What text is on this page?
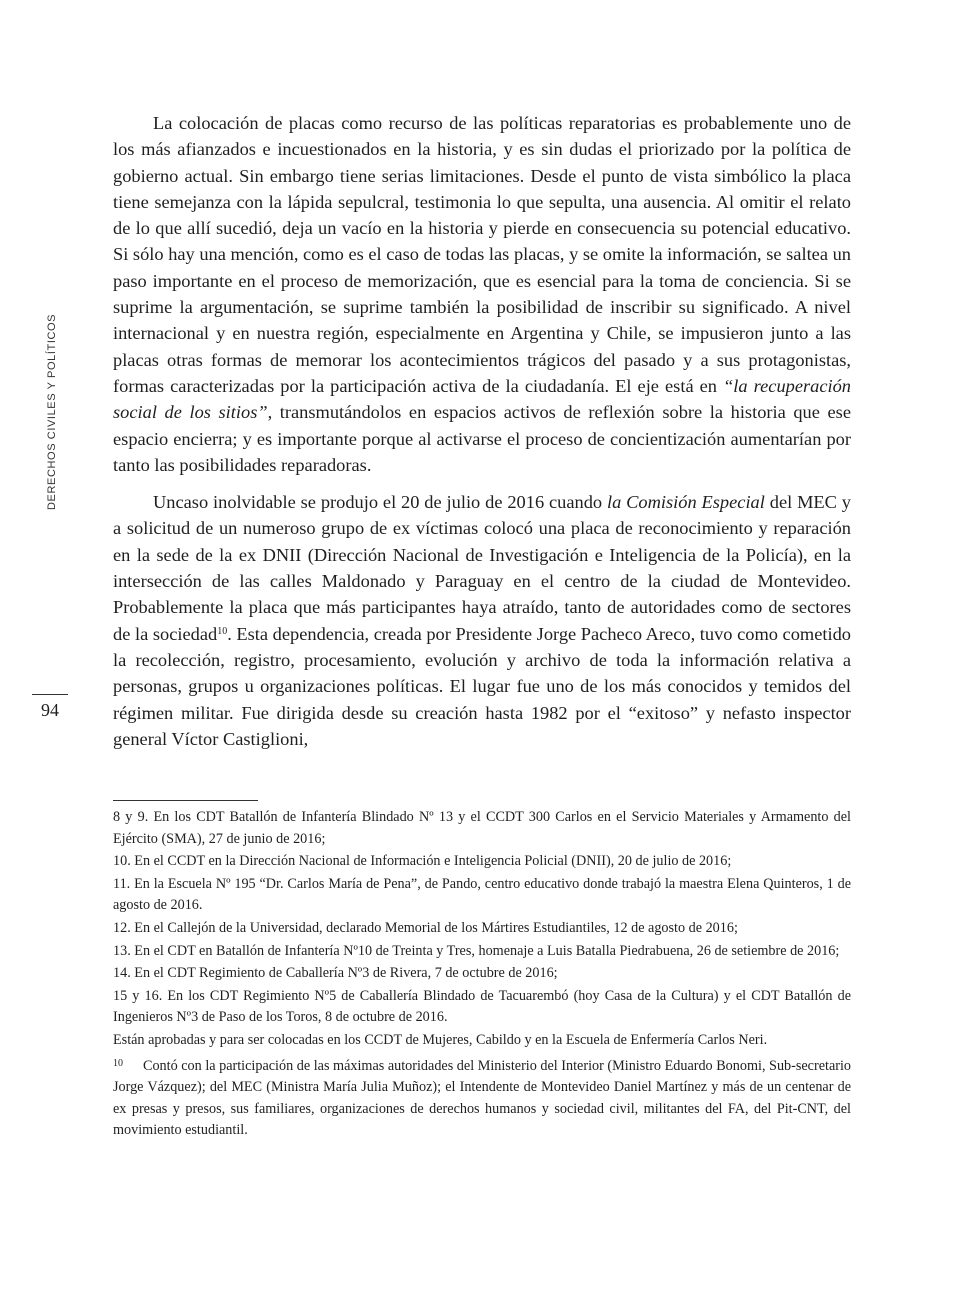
DERECHOS CIVILES Y POLÍTICOS
94

La colocación de placas como recurso de las políticas reparatorias es probablemente uno de los más afianzados e incuestionados en la historia, y es sin dudas el priorizado por la política de gobierno actual. Sin embargo tiene serias limitaciones. Desde el punto de vista simbólico la placa tiene semejanza con la lápida sepulcral, testimonia lo que sepulta, una ausencia. Al omitir el relato de lo que allí sucedió, deja un vacío en la historia y pierde en consecuencia su potencial educativo. Si sólo hay una mención, como es el caso de todas las placas, y se omite la información, se saltea un paso importante en el proceso de memorización, que es esencial para la toma de conciencia. Si se suprime la argumentación, se suprime también la posibilidad de inscribir su significado. A nivel internacional y en nuestra región, especialmente en Argentina y Chile, se impusieron junto a las placas otras formas de memorar los acontecimientos trágicos del pasado y a sus protagonistas, formas caracterizadas por la participación activa de la ciudadanía. El eje está en “la recuperación social de los sitios”, transmutándolos en espacios activos de reflexión sobre la historia que ese espacio encierra; y es importante porque al activarse el proceso de concientización aumentarían por tanto las posibilidades reparadoras.

Uncaso inolvidable se produjo el 20 de julio de 2016 cuando la Comisión Especial del MEC y a solicitud de un numeroso grupo de ex víctimas colocó una placa de reconocimiento y reparación en la sede de la ex DNII (Dirección Nacional de Investigación e Inteligencia de la Policía), en la intersección de las calles Maldonado y Paraguay en el centro de la ciudad de Montevideo. Probablemente la placa que más participantes haya atraído, tanto de autoridades como de sectores de la sociedad$^{10}$. Esta dependencia, creada por Presidente Jorge Pacheco Areco, tuvo como cometido la recolección, registro, procesamiento, evolución y archivo de toda la información relativa a personas, grupos u organizaciones políticas. El lugar fue uno de los más conocidos y temidos del régimen militar. Fue dirigida desde su creación hasta 1982 por el “exitoso” y nefasto inspector general Víctor Castiglioni,

8 y 9. En los CDT Batallón de Infantería Blindado Nº 13 y el CCDT 300 Carlos en el Servicio Materiales y Armamento del Ejército (SMA), 27 de junio de 2016;

10. En el CCDT en la Dirección Nacional de Información e Inteligencia Policial (DNII), 20 de julio de 2016;

11. En la Escuela Nº 195 “Dr. Carlos María de Pena”, de Pando, centro educativo donde trabajó la maestra Elena Quinteros, 1 de agosto de 2016.

12. En el Callejón de la Universidad, declarado Memorial de los Mártires Estudiantiles, 12 de agosto de 2016;

13. En el CDT en Batallón de Infantería Nº10 de Treinta y Tres, homenaje a Luis Batalla Piedrabuena, 26 de setiembre de 2016;

14. En el CDT Regimiento de Caballería Nº3 de Rivera, 7 de octubre de 2016;

15 y 16. En los CDT Regimiento Nº5 de Caballería Blindado de Tacuarembó (hoy Casa de la Cultura) y el CDT Batallón de Ingenieros Nº3 de Paso de los Toros, 8 de octubre de 2016.

Están aprobadas y para ser colocadas en los CCDT de Mujeres, Cabildo y en la Escuela de Enfermería Carlos Neri.

$^{10}$ Contó con la participación de las máximas autoridades del Ministerio del Interior (Ministro Eduardo Bonomi, Sub-secretario Jorge Vázquez); del MEC (Ministra María Julia Muñoz); el Intendente de Montevideo Daniel Martínez y más de un centenar de ex presas y presos, sus familiares, organizaciones de derechos humanos y sociedad civil, militantes del FA, del Pit-CNT, del movimiento estudiantil.
